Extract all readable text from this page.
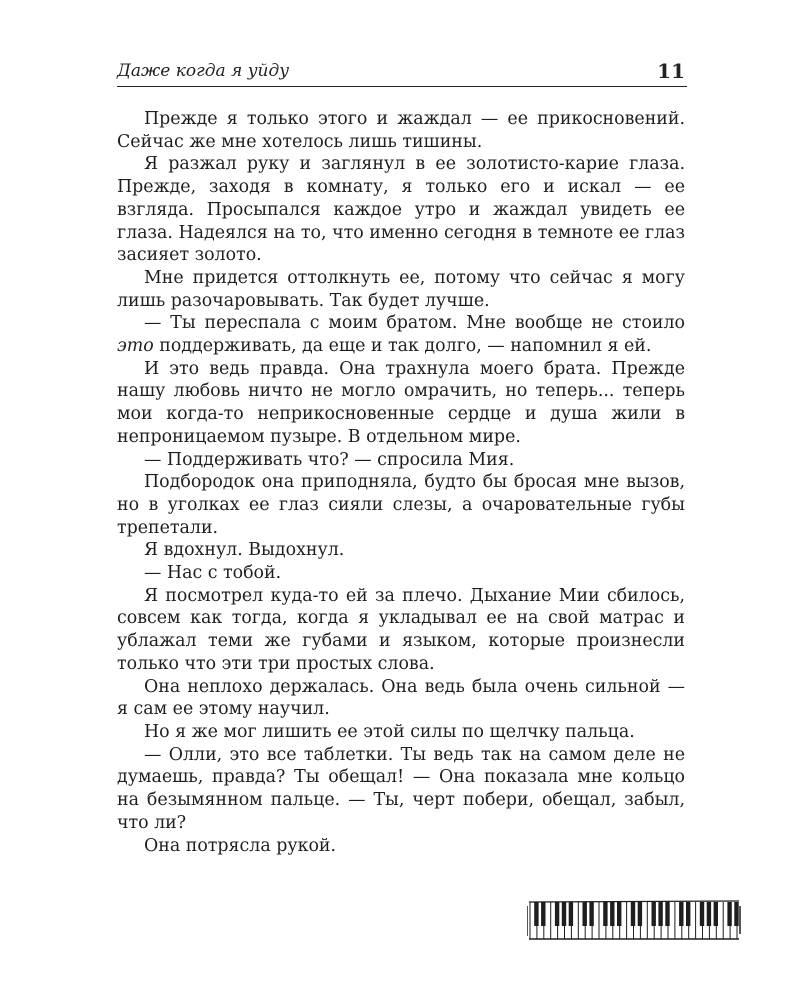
Даже когда я уйду	11

Прежде я только этого и жаждал — ее прикосновений. Сейчас же мне хотелось лишь тишины.

Я разжал руку и заглянул в ее золотисто-карие глаза. Прежде, заходя в комнату, я только его и искал — ее взгляда. Просыпался каждое утро и жаждал увидеть ее глаза. Надеялся на то, что именно сегодня в темноте ее глаз засияет золото.

Мне придется оттолкнуть ее, потому что сейчас я могу лишь разочаровывать. Так будет лучше.

— Ты переспала с моим братом. Мне вообще не стоило это поддерживать, да еще и так долго, — напомнил я ей.

И это ведь правда. Она трахнула моего брата. Прежде нашу любовь ничто не могло омрачить, но теперь... теперь мои когда-то неприкосновенные сердце и душа жили в непроницаемом пузыре. В отдельном мире.

— Поддерживать что? — спросила Мия.

Подбородок она приподняла, будто бы бросая мне вызов, но в уголках ее глаз сияли слезы, а очаровательные губы трепетали.

Я вдохнул. Выдохнул.

— Нас с тобой.

Я посмотрел куда-то ей за плечо. Дыхание Мии сбилось, совсем как тогда, когда я укладывал ее на свой матрас и ублажал теми же губами и языком, которые произнесли только что эти три простых слова.

Она неплохо держалась. Она ведь была очень сильной — я сам ее этому научил.

Но я же мог лишить ее этой силы по щелчку пальца.

— Олли, это все таблетки. Ты ведь так на самом деле не думаешь, правда? Ты обещал! — Она показала мне кольцо на безымянном пальце. — Ты, черт побери, обещал, забыл, что ли?

Она потрясла рукой.
